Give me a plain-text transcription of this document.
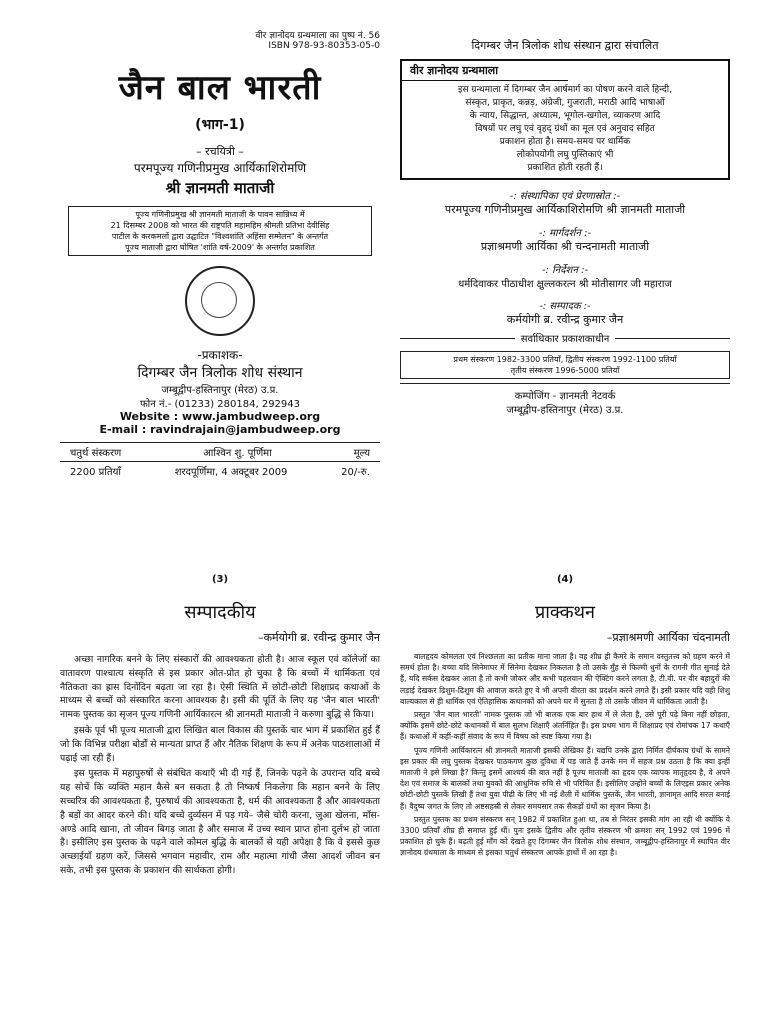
वीर ज्ञानोदय ग्रन्थमाला का पुष्प नं. 56
ISBN 978-93-80353-05-0
जैन बाल भारती
(भाग-1)
– रचयित्री –
परमपूज्य गणिनीप्रमुख आर्यिकाशिरोमणि
श्री ज्ञानमती माताजी
पूज्य गणिनीप्रमुख श्री ज्ञानमती माताजी के पावन सान्निध्य में
21 दिसम्बर 2008 को भारत की राष्ट्रपति महामहिम श्रीमती प्रतिभा देवीसिंह
पाटील के करकमलों द्वारा उद्घाटित "विश्वशांति अहिंसा सम्मेलन" के अन्तर्गत
पूज्य माताजी द्वारा घोषित 'शांति वर्ष-2009' के अन्तर्गत प्रकाशित
-प्रकाशक-
दिगम्बर जैन त्रिलोक शोध संस्थान
जम्बूद्वीप-हस्तिनापुर (मेरठ) उ.प्र.
फोन नं.- (01233) 280184, 292943
Website : www.jambudweep.org
E-mail : ravindrajain@jambudweep.org
चतुर्थ संस्करण	आश्विन शु. पूर्णिमा	मूल्य
2200 प्रतियाँ	शरदपूर्णिमा, 4 अक्टूबर 2009	20/-रु.
दिगम्बर जैन त्रिलोक शोध संस्थान द्वारा संचालित
वीर ज्ञानोदय ग्रन्थमाला
इस ग्रन्थमाला में दिगम्बर जैन आर्षमार्ग का पोषण करने वाले हिन्दी,
संस्कृत, प्राकृत, कन्नड़, अंग्रेजी, गुजराती, मराठी आदि भाषाओं
के न्याय, सिद्धान्त, अध्यात्म, भूगोल-खगोल, व्याकरण आदि
विषयों पर लघु एवं वृहद् ग्रंथों का मूल एवं अनुवाद सहित
प्रकाशन होता है। समय-समय पर धार्मिक
लोकोपयोगी लघु पुस्तिकाएं भी
प्रकाशित होती रहती हैं।
-: संस्थापिका एवं प्रेरणास्रोत :-
परमपूज्य गणिनीप्रमुख आर्यिकाशिरोमणि श्री ज्ञानमती माताजी
-: मार्गदर्शन :-
प्रज्ञाश्रमणी आर्यिका श्री चन्दनामती माताजी
-: निर्देशन :-
धर्मदिवाकर पीठाधीश क्षुल्लकरत्न श्री मोतीसागर जी महाराज
-: सम्पादक :-
कर्मयोगी ब्र. रवीन्द्र कुमार जैन
सर्वाधिकार प्रकाशकाधीन
प्रथम संस्करण 1982-3300 प्रतियाँ, द्वितीय संस्करण 1992-1100 प्रतियाँ
तृतीय संस्करण 1996-5000 प्रतियाँ
कम्पोजिंग - ज्ञानमती नेटवर्क
जम्बूद्वीप-हस्तिनापुर (मेरठ) उ.प्र.
(3)	(4)
सम्पादकीय
–कर्मयोगी ब्र. रवीन्द्र कुमार जैन

अच्छा नागरिक बनने के लिए संस्कारों की आवश्यकता होती है। आज स्कूल एवं कॉलेजों का वातावरण पाश्चात्य संस्कृति से इस प्रकार ओत-प्रोत हो चुका है कि बच्चों में धार्मिकता एवं नैतिकता का ह्रास दिनोंदिन बढ़ता जा रहा है। ऐसी स्थिति में छोटी-छोटी शिक्षाप्रद कथाओं के माध्यम से बच्चों को संस्कारित करना आवश्यक है। इसी की पूर्ति के लिए यह 'जैन बाल भारती' नामक पुस्तक का सृजन पूज्य गणिनी आर्यिकारत्न श्री ज्ञानमती माताजी ने करुणा बुद्धि से किया।

इसके पूर्व भी पूज्य माताजी द्वारा लिखित बाल विकास की पुस्तकें चार भाग में प्रकाशित हुई हैं जो कि विभिन्न परीक्षा बोर्डों से मान्यता प्राप्त हैं और नैतिक शिक्षण के रूप में अनेक पाठशालाओं में पढ़ाई जा रही हैं।

इस पुस्तक में महापुरुषों से संबंधित कथाएँ भी दी गई हैं, जिनके पढ़ने के उपरान्त यदि बच्चे यह सोचें कि व्यक्ति महान कैसे बन सकता है तो निष्कर्ष निकलेगा कि महान बनने के लिए सच्चरित्र की आवश्यकता है, पुरुषार्थ की आवश्यकता है, धर्म की आवश्यकता है और आवश्यकता है बड़ों का आदर करने की। यदि बच्चे दुर्व्यसन में पड़ गये– जैसे चोरी करना, जुआ खेलना, माँस-अण्डे आदि खाना, तो जीवन बिगड़ जाता है और समाज में उच्च स्थान प्राप्त होना दुर्लभ हो जाता है। इसीलिए इस पुस्तक के पढ़ने वाले कोमल बुद्धि के बालकों से यही अपेक्षा है कि वे इससे कुछ अच्छाईयाँ ग्रहण करें, जिससे भगवान महावीर, राम और महात्मा गांधी जैसा आदर्श जीवन बन सके, तभी इस पुस्तक के प्रकाशन की सार्थकता होगी।

प्राक्कथन
–प्रज्ञाश्रमणी आर्यिका चंदनामती

बालहृदय कोमलता एवं निश्छलता का प्रतीक माना जाता है। वह शीघ्र ही कैमरे के समान वस्तुतत्त्व को ग्रहण करने में समर्थ होता है। बच्चा यदि सिनेमाघर में सिनेमा देखकर निकलता है तो उसके मुँह से फिल्मी धुनों के रागनी गीत सुनाई देते हैं, यदि सर्कस देखकर आता है तो कभी जोकर और कभी पहलवान की ऐक्टिंग करने लगता है, टी.वी. पर वीर बहादुरों की लड़ाई देखकर ढिशुम-ढिशुम की आवाज करते हुए वे भी अपनी वीरता का प्रदर्शन करने लगते हैं। इसी प्रकार यदि वही शिशु बाल्यकाल से ही धार्मिक एवं ऐतिहासिक कथानकों को अपने घर में सुनता है तो उसके जीवन में धार्मिकता आती है।

प्रस्तुत 'जैन बाल भारती' नामक पुस्तक जो भी बालक एक बार हाथ में ले लेता है, उसे पूरी पढ़े बिना नहीं छोड़ता, क्योंकि इसमें छोटे-छोटे कथानकों में बाल सुलभ शिक्षाएँ अंतर्निहित हैं। इस प्रथम भाग में शिक्षाप्रद एवं रोमांचक 17 कथाएँ हैं। कथाओं में कहीं-कहीं संवाद के रूप में विषय को स्पष्ट किया गया है।

पूज्य गणिनी आर्यिकारत्न श्री ज्ञानमती माताजी इसकी लेखिका हैं। यद्यपि उनके द्वारा निर्मित दीर्घकाय ग्रंथों के सामने इस प्रकार की लघु पुस्तक देखकर पाठकगण कुछ दुविधा में पड़ जाते हैं उनके मन में सहज प्रश्न उठता है कि क्या इन्हीं माताजी ने इसे लिखा है? किन्तु इसमें आश्चर्य की बात नहीं है पूज्य माताजी का हृदय एक व्यापक मातृहृदय है, वे अपने देश एवं समाज के बालकों तथा युवकों की आधुनिक रुचि से भी परिचित हैं। इसीलिए उन्होंने बच्चों के लिएइस प्रकार अनेक छोटी-छोटी पुस्तकें लिखी हैं तथा युवा पीढ़ी के लिए भी नई शैली में धार्मिक पुस्तकें, जैन भारती, ज्ञानामृत आदि सरल बनाई हैं। वैदुष्य जगत के लिए तो अष्टसहस्री से लेकर समयसार तक सैकड़ों ग्रंथों का सृजन किया है।

प्रस्तुत पुस्तक का प्रथम संस्करण सन् 1982 में प्रकाशित हुआ था, तब से निरंतर इसकी मांग आ रही थी क्योंकि वे 3300 प्रतियाँ शीघ्र ही समाप्त हुई थीं। पुनः इसके द्वितीय और तृतीय संस्करण भी क्रमशः सन् 1992 एवं 1996 में प्रकाशित हो चुके हैं। बढ़ती हुई माँग को देखते हुए दिगम्बर जैन त्रिलोक शोध संस्थान, जम्बूद्वीप-हस्तिनापुर में स्थापित वीर ज्ञानोदय ग्रंथमाला के माध्यम से इसका चतुर्थ संस्करण आपके हाथों में आ रहा है।
